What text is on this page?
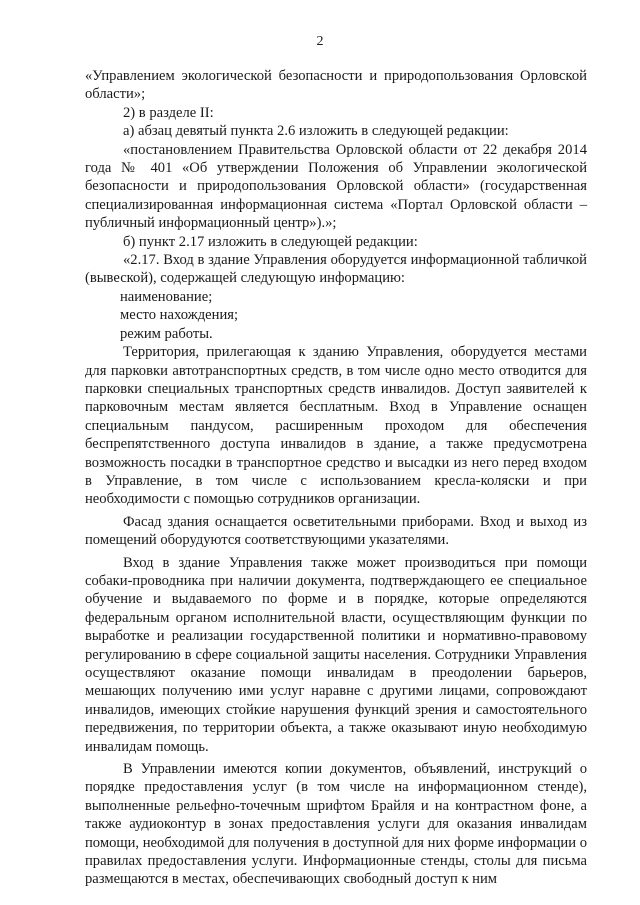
2

«Управлением экологической безопасности и природопользования Орловской области»;

2) в разделе II:

а) абзац девятый пункта 2.6 изложить в следующей редакции:

«постановлением Правительства Орловской области от 22 декабря 2014 года № 401 «Об утверждении Положения об Управлении экологической безопасности и природопользования Орловской области» (государственная специализированная информационная система «Портал Орловской области – публичный информационный центр»).»;

б) пункт 2.17 изложить в следующей редакции:

«2.17. Вход в здание Управления оборудуется информационной табличкой (вывеской), содержащей следующую информацию:

наименование;

место нахождения;

режим работы.

Территория, прилегающая к зданию Управления, оборудуется местами для парковки автотранспортных средств, в том числе одно место отводится для парковки специальных транспортных средств инвалидов. Доступ заявителей к парковочным местам является бесплатным. Вход в Управление оснащен специальным пандусом, расширенным проходом для обеспечения беспрепятственного доступа инвалидов в здание, а также предусмотрена возможность посадки в транспортное средство и высадки из него перед входом в Управление, в том числе с использованием кресла-коляски и при необходимости с помощью сотрудников организации.

Фасад здания оснащается осветительными приборами. Вход и выход из помещений оборудуются соответствующими указателями.

Вход в здание Управления также может производиться при помощи собаки-проводника при наличии документа, подтверждающего ее специальное обучение и выдаваемого по форме и в порядке, которые определяются федеральным органом исполнительной власти, осуществляющим функции по выработке и реализации государственной политики и нормативно-правовому регулированию в сфере социальной защиты населения. Сотрудники Управления осуществляют оказание помощи инвалидам в преодолении барьеров, мешающих получению ими услуг наравне с другими лицами, сопровождают инвалидов, имеющих стойкие нарушения функций зрения и самостоятельного передвижения, по территории объекта, а также оказывают иную необходимую инвалидам помощь.

В Управлении имеются копии документов, объявлений, инструкций о порядке предоставления услуг (в том числе на информационном стенде), выполненные рельефно-точечным шрифтом Брайля и на контрастном фоне, а также аудиоконтур в зонах предоставления услуги для оказания инвалидам помощи, необходимой для получения в доступной для них форме информации о правилах предоставления услуги. Информационные стенды, столы для письма размещаются в местах, обеспечивающих свободный доступ к ним
